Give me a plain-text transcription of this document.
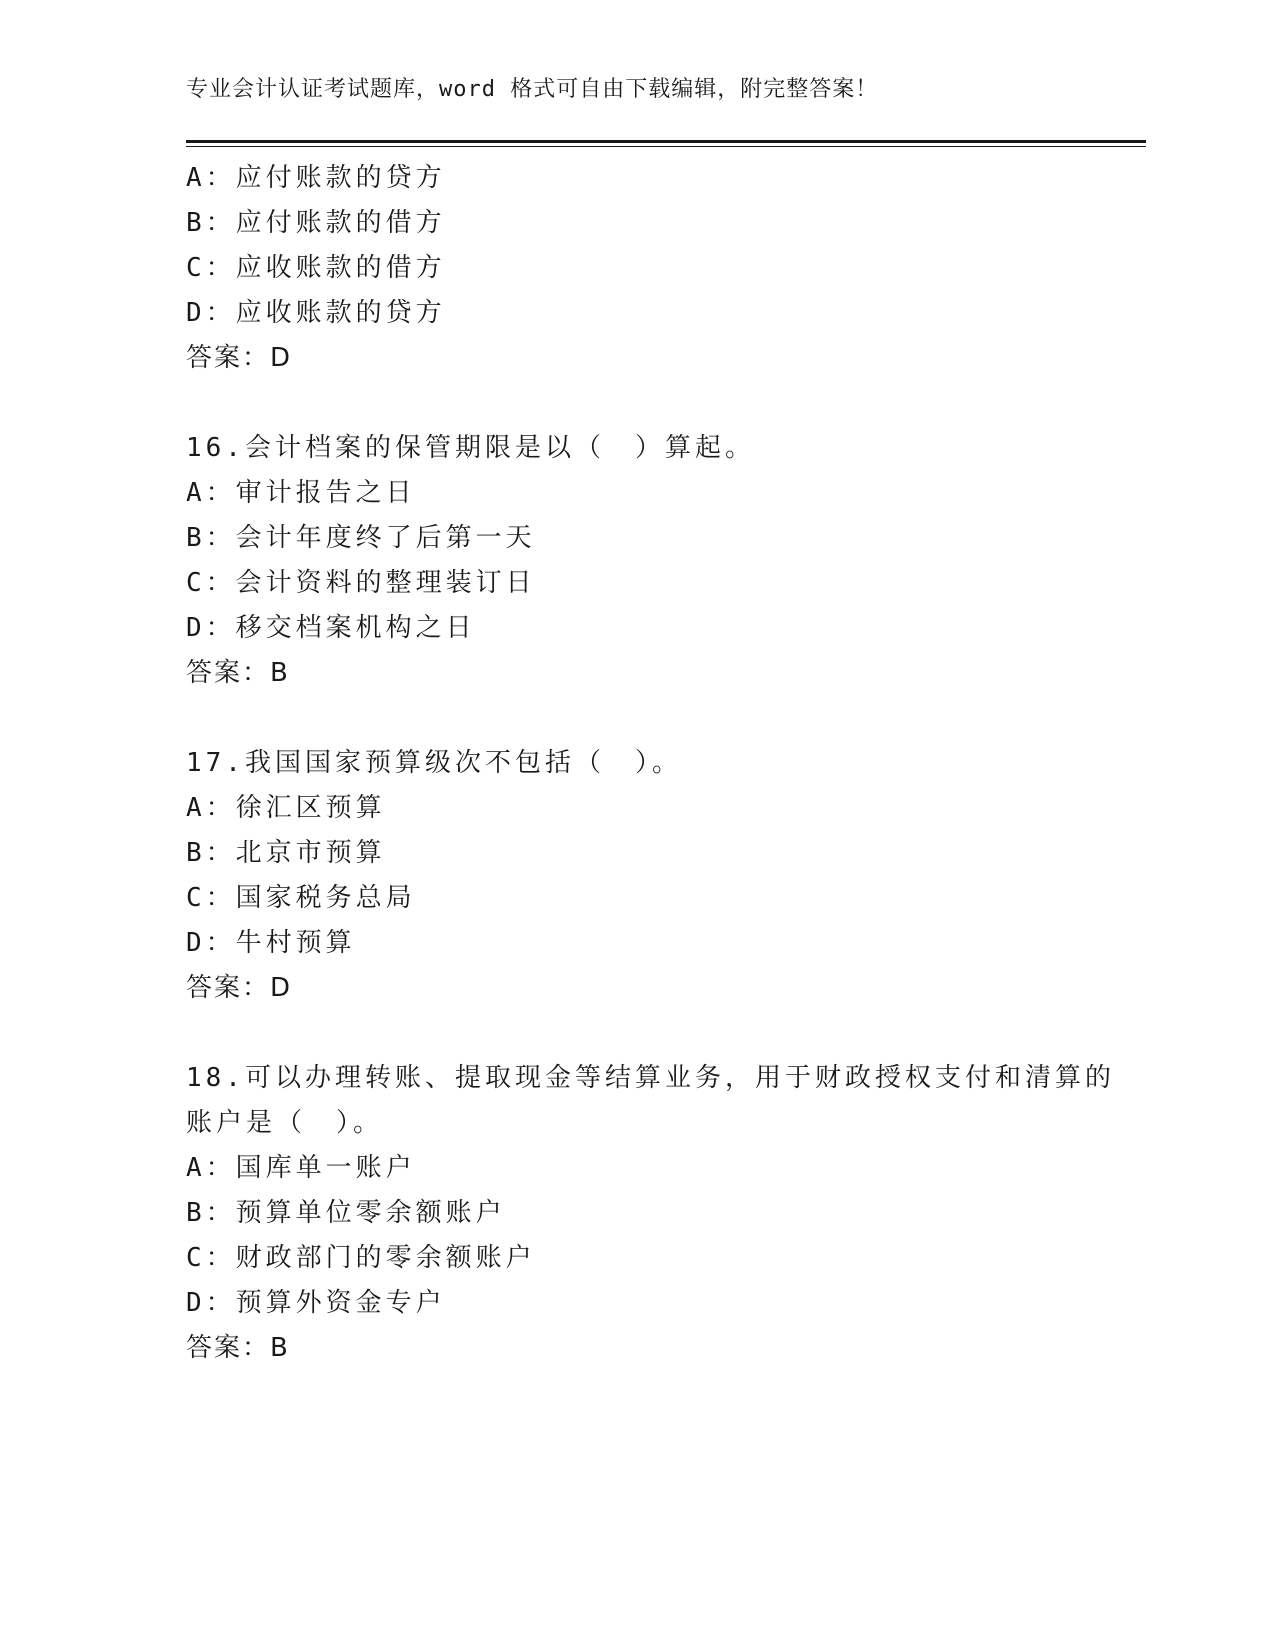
专业会计认证考试题库，word 格式可自由下载编辑，附完整答案！
A：应付账款的贷方
B：应付账款的借方
C：应收账款的借方
D：应收账款的贷方
答案：D
16.会计档案的保管期限是以（　）算起。
A：审计报告之日
B：会计年度终了后第一天
C：会计资料的整理装订日
D：移交档案机构之日
答案：B
17.我国国家预算级次不包括（　）。
A：徐汇区预算
B：北京市预算
C：国家税务总局
D：牛村预算
答案：D
18.可以办理转账、提取现金等结算业务，用于财政授权支付和清算的
账户是（　）。
A：国库单一账户
B：预算单位零余额账户
C：财政部门的零余额账户
D：预算外资金专户
答案：B
